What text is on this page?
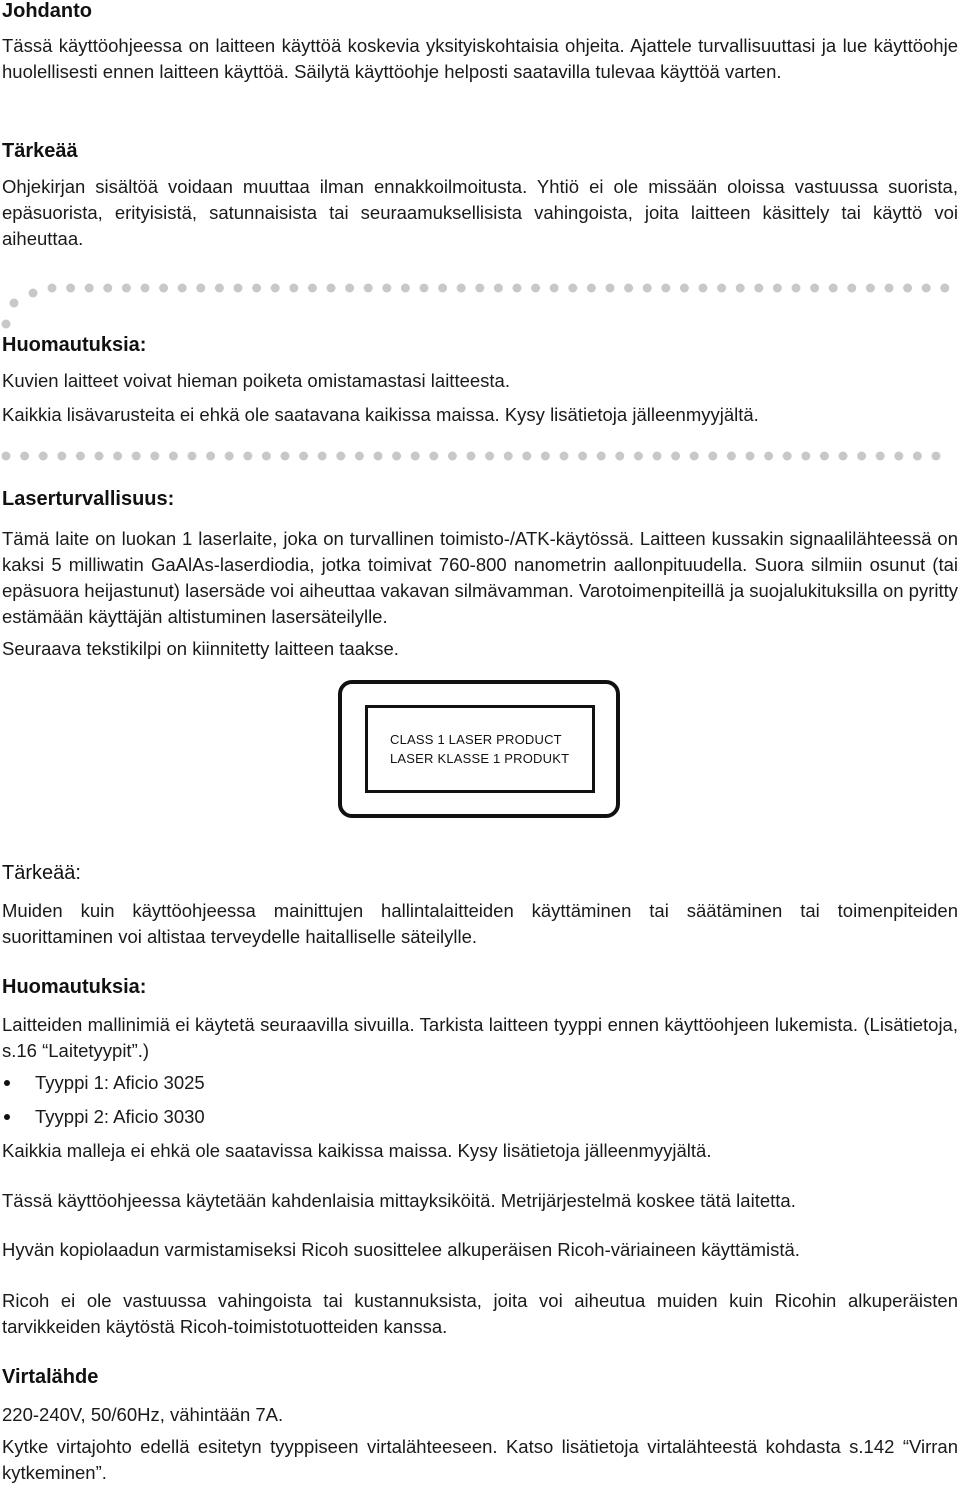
Johdanto

Tässä käyttöohjeessa on laitteen käyttöä koskevia yksityiskohtaisia ohjeita. Ajattele turvallisuuttasi ja lue käyttöohje huolellisesti ennen laitteen käyttöä. Säilytä käyttöohje helposti saatavilla tulevaa käyttöä varten.

Tärkeää

Ohjekirjan sisältöä voidaan muuttaa ilman ennakkoilmoitusta. Yhtiö ei ole missään oloissa vastuussa suorista, epäsuorista, erityisistä, satunnaisista tai seuraamuksellisista vahingoista, joita laitteen käsittely tai käyttö voi aiheuttaa.

Huomautuksia:

Kuvien laitteet voivat hieman poiketa omistamastasi laitteesta.

Kaikkia lisävarusteita ei ehkä ole saatavana kaikissa maissa. Kysy lisätietoja jälleenmyyjältä.

Laserturvallisuus:

Tämä laite on luokan 1 laserlaite, joka on turvallinen toimisto-/ATK-käytössä. Laitteen kussakin signaalilähteessä on kaksi 5 milliwatin GaAlAs-laserdiodia, jotka toimivat 760-800 nanometrin aallonpituudella. Suora silmiin osunut (tai epäsuora heijastunut) lasersäde voi aiheuttaa vakavan silmävamman. Varotoimenpiteillä ja suojalukituksilla on pyritty estämään käyttäjän altistuminen lasersäteilylle.

Seuraava tekstikilpi on kiinnitetty laitteen taakse.

CLASS 1 LASER PRODUCT
LASER KLASSE 1 PRODUKT
Tärkeää:

Muiden kuin käyttöohjeessa mainittujen hallintalaitteiden käyttäminen tai säätäminen tai toimenpiteiden suorittaminen voi altistaa terveydelle haitalliselle säteilylle.

Huomautuksia:

Laitteiden mallinimiä ei käytetä seuraavilla sivuilla. Tarkista laitteen tyyppi ennen käyttöohjeen lukemista. (Lisätietoja, s.16 “Laitetyypit”.)

Tyyppi 1: Aficio 3025
Tyyppi 2: Aficio 3030

Kaikkia malleja ei ehkä ole saatavissa kaikissa maissa. Kysy lisätietoja jälleenmyyjältä.

Tässä käyttöohjeessa käytetään kahdenlaisia mittayksiköitä. Metrijärjestelmä koskee tätä laitetta.

Hyvän kopiolaadun varmistamiseksi Ricoh suosittelee alkuperäisen Ricoh-väriaineen käyttämistä.

Ricoh ei ole vastuussa vahingoista tai kustannuksista, joita voi aiheutua muiden kuin Ricohin alkuperäisten tarvikkeiden käytöstä Ricoh-toimistotuotteiden kanssa.

Virtalähde

220-240V, 50/60Hz, vähintään 7A.

Kytke virtajohto edellä esitetyn tyyppiseen virtalähteeseen. Katso lisätietoja virtalähteestä kohdasta s.142 “Virran kytkeminen”.
